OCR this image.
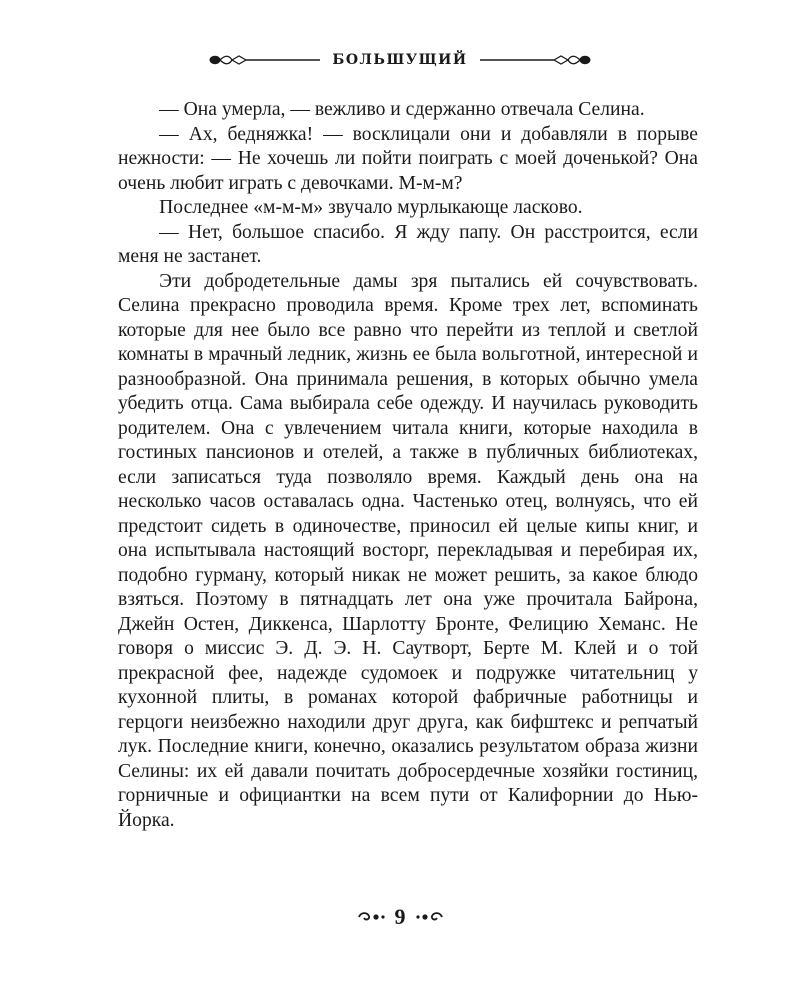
БОЛЬШУЩИЙ

— Она умерла, — вежливо и сдержанно отвечала Селина.

— Ах, бедняжка! — восклицали они и добавляли в порыве нежности: — Не хочешь ли пойти поиграть с моей доченькой? Она очень любит играть с девочками. М-м-м?

Последнее «м-м-м» звучало мурлыкающе ласково.

— Нет, большое спасибо. Я жду папу. Он расстроится, если меня не застанет.

Эти добродетельные дамы зря пытались ей сочувствовать. Селина прекрасно проводила время. Кроме трех лет, вспоминать которые для нее было все равно что перейти из теплой и светлой комнаты в мрачный ледник, жизнь ее была вольготной, интересной и разнообразной. Она принимала решения, в которых обычно умела убедить отца. Сама выбирала себе одежду. И научилась руководить родителем. Она с увлечением читала книги, которые находила в гостиных пансионов и отелей, а также в публичных библиотеках, если записаться туда позволяло время. Каждый день она на несколько часов оставалась одна. Частенько отец, волнуясь, что ей предстоит сидеть в одиночестве, приносил ей целые кипы книг, и она испытывала настоящий восторг, перекладывая и перебирая их, подобно гурману, который никак не может решить, за какое блюдо взяться. Поэтому в пятнадцать лет она уже прочитала Байрона, Джейн Остен, Диккенса, Шарлотту Бронте, Фелицию Хеманс. Не говоря о миссис Э. Д. Э. Н. Саутворт, Берте М. Клей и о той прекрасной фее, надежде судомоек и подружке читательниц у кухонной плиты, в романах которой фабричные работницы и герцоги неизбежно находили друг друга, как бифштекс и репчатый лук. Последние книги, конечно, оказались результатом образа жизни Селины: их ей давали почитать добросердечные хозяйки гостиниц, горничные и официантки на всем пути от Калифорнии до Нью-Йорка.

9
